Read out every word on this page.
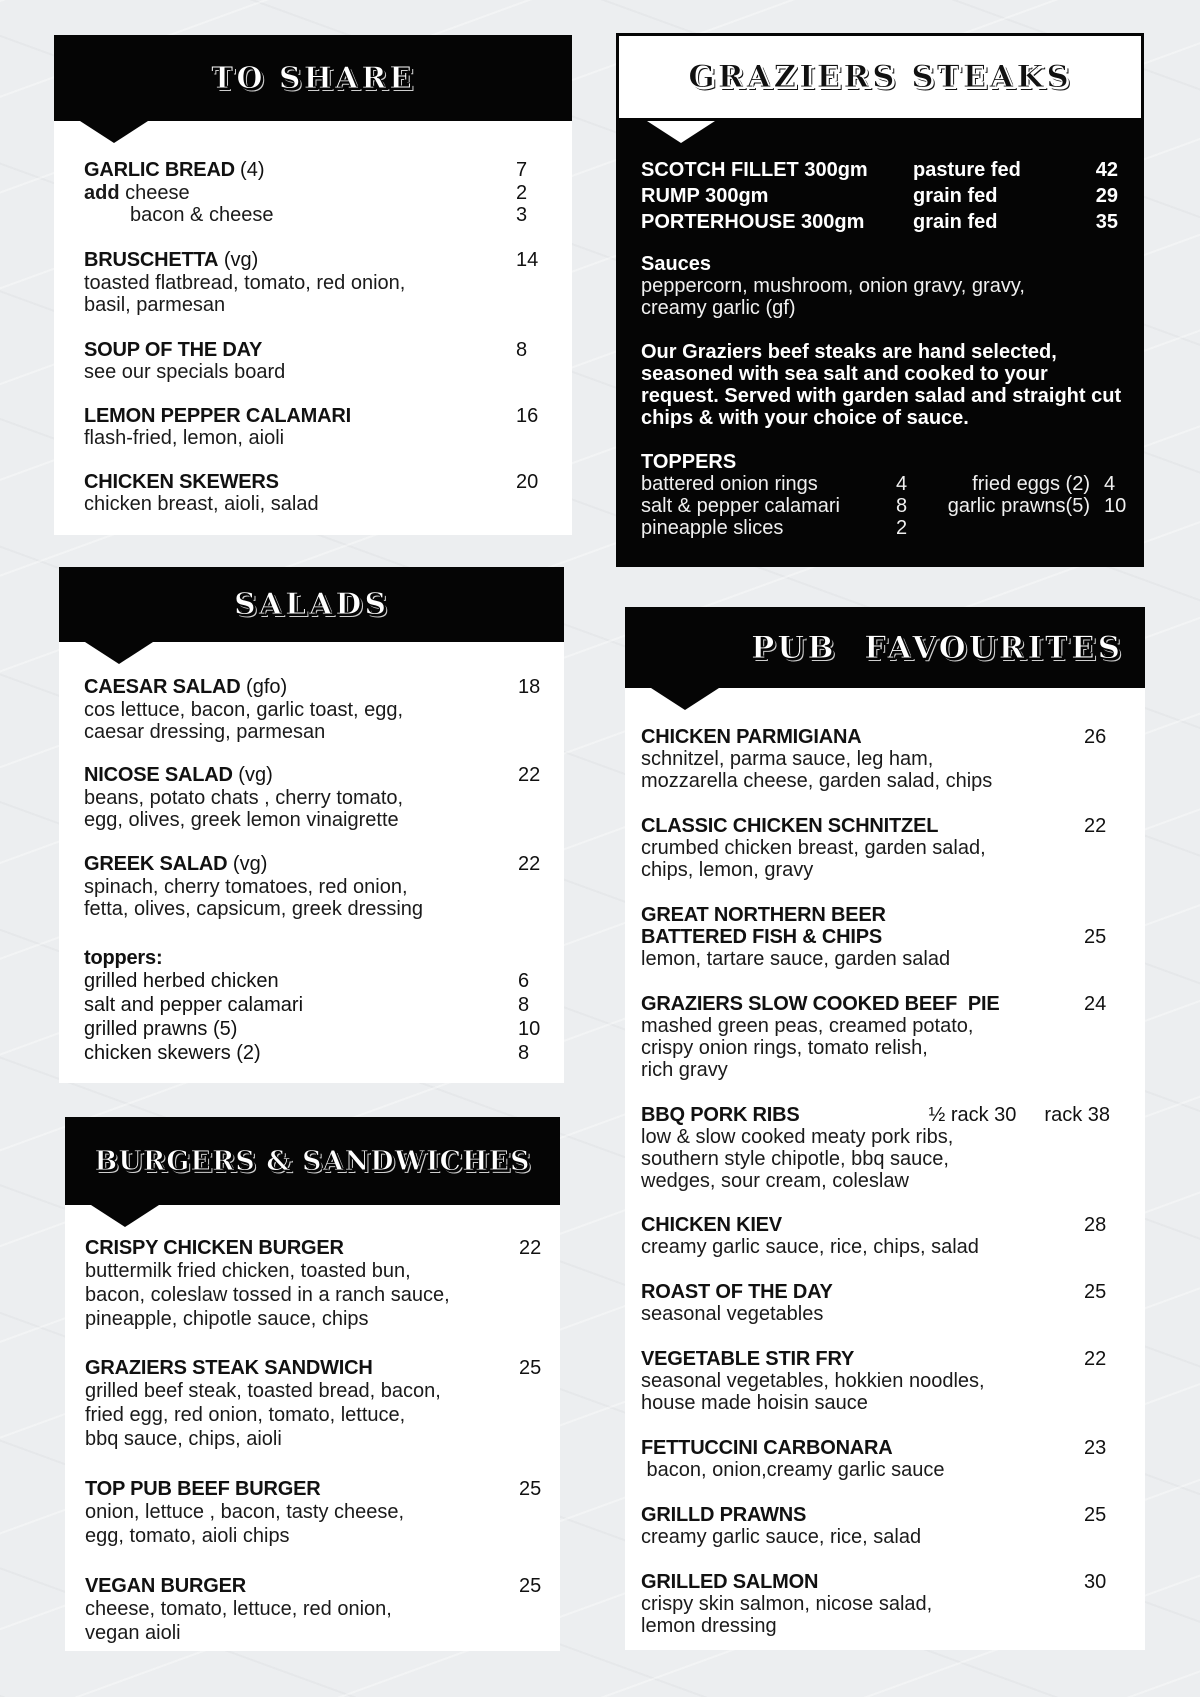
TO SHARE
GARLIC BREAD (4)	7
add cheese	2
bacon & cheese	3
BRUSCHETTA (vg)	14
toasted flatbread, tomato, red onion,
basil, parmesan
SOUP OF THE DAY	8
see our specials board
LEMON PEPPER CALAMARI	16
flash-fried, lemon, aioli
CHICKEN SKEWERS	20
chicken breast, aioli, salad
GRAZIERS STEAKS
SCOTCH FILLET 300gm	pasture fed	42
RUMP 300gm	grain fed	29
PORTERHOUSE 300gm	grain fed	35
Sauces
peppercorn, mushroom, onion gravy, gravy,
creamy garlic (gf)
Our Graziers beef steaks are hand selected, seasoned with sea salt and cooked to your request. Served with garden salad and straight cut chips & with your choice of sauce.
TOPPERS
battered onion rings	4	fried eggs (2) 4
salt & pepper calamari	8	garlic prawns(5) 10
pineapple slices	2
SALADS
CAESAR SALAD (gfo)	18
cos lettuce, bacon, garlic toast, egg,
caesar dressing, parmesan
NICOSE SALAD (vg)	22
beans, potato chats , cherry tomato,
egg, olives, greek lemon vinaigrette
GREEK SALAD (vg)	22
spinach, cherry tomatoes, red onion,
fetta, olives, capsicum, greek dressing
toppers:
grilled herbed chicken	6
salt and pepper calamari	8
grilled prawns (5)	10
chicken skewers (2)	8
BURGERS & SANDWICHES
CRISPY CHICKEN BURGER	22
buttermilk fried chicken, toasted bun,
bacon, coleslaw tossed in a ranch sauce,
pineapple, chipotle sauce, chips
GRAZIERS STEAK SANDWICH	25
grilled beef steak, toasted bread, bacon,
fried egg, red onion, tomato, lettuce,
bbq sauce, chips, aioli
TOP PUB BEEF BURGER	25
onion, lettuce , bacon, tasty cheese,
egg, tomato, aioli chips
VEGAN BURGER	25
cheese, tomato, lettuce, red onion,
vegan aioli
PUB  FAVOURITES
CHICKEN PARMIGIANA	26
schnitzel, parma sauce, leg ham,
mozzarella cheese, garden salad, chips
CLASSIC CHICKEN SCHNITZEL	22
crumbed chicken breast, garden salad,
chips, lemon, gravy
GREAT NORTHERN BEER
BATTERED FISH & CHIPS	25
lemon, tartare sauce, garden salad
GRAZIERS SLOW COOKED BEEF  PIE	24
mashed green peas, creamed potato,
crispy onion rings, tomato relish,
rich gravy
BBQ PORK RIBS	½ rack 30 rack 38
low & slow cooked meaty pork ribs,
southern style chipotle, bbq sauce,
wedges, sour cream, coleslaw
CHICKEN KIEV	28
creamy garlic sauce, rice, chips, salad
ROAST OF THE DAY	25
seasonal vegetables
VEGETABLE STIR FRY	22
seasonal vegetables, hokkien noodles,
house made hoisin sauce
FETTUCCINI CARBONARA	23
bacon, onion,creamy garlic sauce
GRILLD PRAWNS	25
creamy garlic sauce, rice, salad
GRILLED SALMON	30
crispy skin salmon, nicose salad,
lemon dressing
